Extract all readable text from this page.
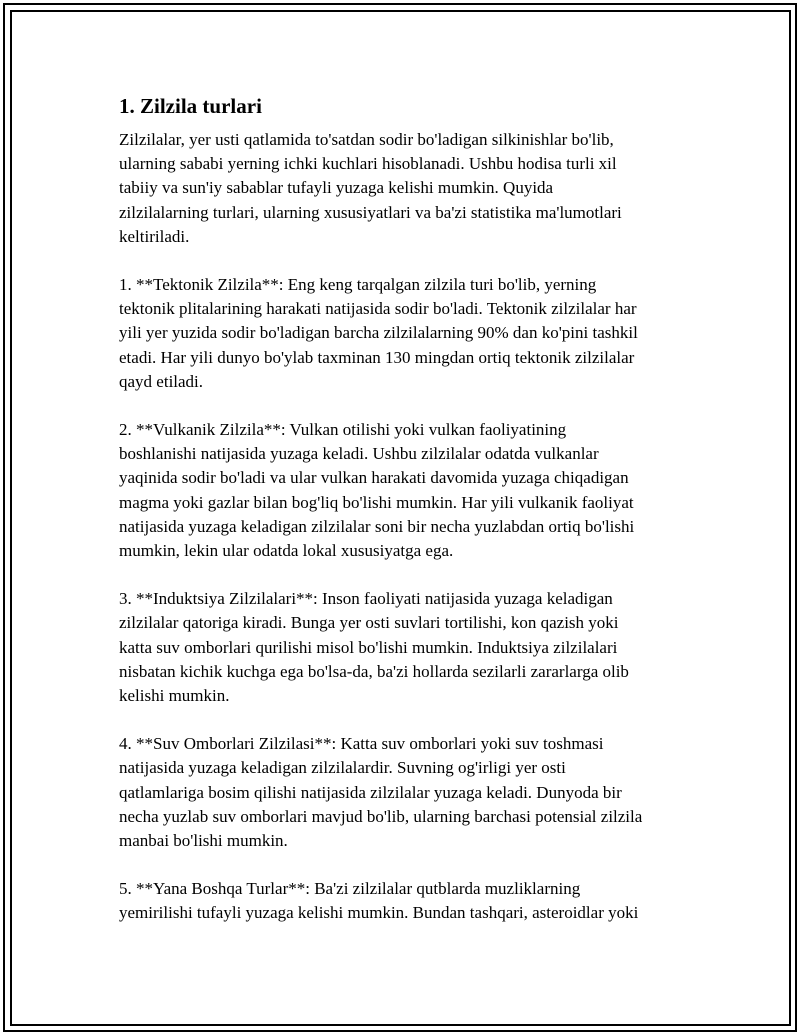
1. Zilzila turlari

Zilzilalar, yer usti qatlamida to'satdan sodir bo'ladigan silkinishlar bo'lib,
ularning sababi yerning ichki kuchlari hisoblanadi. Ushbu hodisa turli xil
tabiiy va sun'iy sabablar tufayli yuzaga kelishi mumkin. Quyida
zilzilalarning turlari, ularning xususiyatlari va ba'zi statistika ma'lumotlari
keltiriladi.

1. **Tektonik Zilzila**: Eng keng tarqalgan zilzila turi bo'lib, yerning
tektonik plitalarining harakati natijasida sodir bo'ladi. Tektonik zilzilalar har
yili yer yuzida sodir bo'ladigan barcha zilzilalarning 90% dan ko'pini tashkil
etadi. Har yili dunyo bo'ylab taxminan 130 mingdan ortiq tektonik zilzilalar
qayd etiladi.

2. **Vulkanik Zilzila**: Vulkan otilishi yoki vulkan faoliyatining
boshlanishi natijasida yuzaga keladi. Ushbu zilzilalar odatda vulkanlar
yaqinida sodir bo'ladi va ular vulkan harakati davomida yuzaga chiqadigan
magma yoki gazlar bilan bog'liq bo'lishi mumkin. Har yili vulkanik faoliyat
natijasida yuzaga keladigan zilzilalar soni bir necha yuzlabdan ortiq bo'lishi
mumkin, lekin ular odatda lokal xususiyatga ega.

3. **Induktsiya Zilzilalari**: Inson faoliyati natijasida yuzaga keladigan
zilzilalar qatoriga kiradi. Bunga yer osti suvlari tortilishi, kon qazish yoki
katta suv omborlari qurilishi misol bo'lishi mumkin. Induktsiya zilzilalari
nisbatan kichik kuchga ega bo'lsa-da, ba'zi hollarda sezilarli zararlarga olib
kelishi mumkin.

4. **Suv Omborlari Zilzilasi**: Katta suv omborlari yoki suv toshmasi
natijasida yuzaga keladigan zilzilalardir. Suvning og'irligi yer osti
qatlamlariga bosim qilishi natijasida zilzilalar yuzaga keladi. Dunyoda bir
necha yuzlab suv omborlari mavjud bo'lib, ularning barchasi potensial zilzila
manbai bo'lishi mumkin.

5. **Yana Boshqa Turlar**: Ba'zi zilzilalar qutblarda muzliklarning
yemirilishi tufayli yuzaga kelishi mumkin. Bundan tashqari, asteroidlar yoki
